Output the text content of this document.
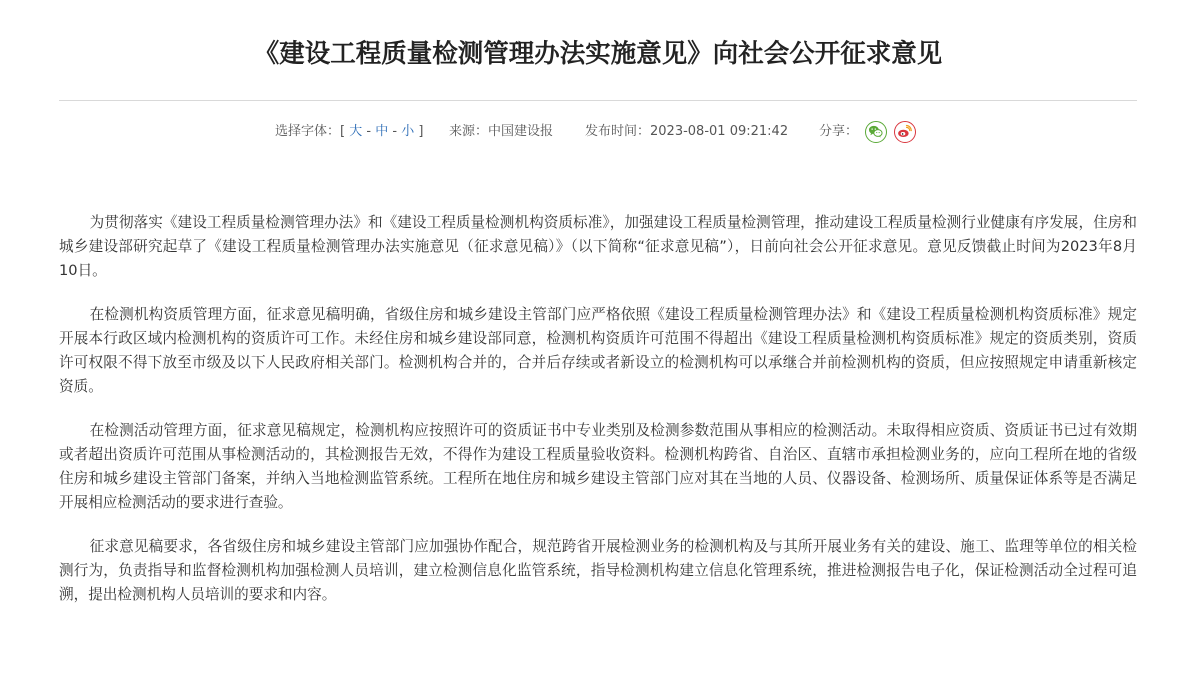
《建设工程质量检测管理办法实施意见》向社会公开征求意见
选择字体：[ 大 - 中 - 小 ] 来源：中国建设报 发布时间：2023-08-01 09:21:42 分享：

为贯彻落实《建设工程质量检测管理办法》和《建设工程质量检测机构资质标准》，加强建设工程质量检测管理，推动建设工程质量检测行业健康有序发展，住房和城乡建设部研究起草了《建设工程质量检测管理办法实施意见（征求意见稿）》（以下简称“征求意见稿”），日前向社会公开征求意见。意见反馈截止时间为2023年8月10日。

在检测机构资质管理方面，征求意见稿明确，省级住房和城乡建设主管部门应严格依照《建设工程质量检测管理办法》和《建设工程质量检测机构资质标准》规定开展本行政区域内检测机构的资质许可工作。未经住房和城乡建设部同意，检测机构资质许可范围不得超出《建设工程质量检测机构资质标准》规定的资质类别，资质许可权限不得下放至市级及以下人民政府相关部门。检测机构合并的，合并后存续或者新设立的检测机构可以承继合并前检测机构的资质，但应按照规定申请重新核定资质。

在检测活动管理方面，征求意见稿规定，检测机构应按照许可的资质证书中专业类别及检测参数范围从事相应的检测活动。未取得相应资质、资质证书已过有效期或者超出资质许可范围从事检测活动的，其检测报告无效，不得作为建设工程质量验收资料。检测机构跨省、自治区、直辖市承担检测业务的，应向工程所在地的省级住房和城乡建设主管部门备案，并纳入当地检测监管系统。工程所在地住房和城乡建设主管部门应对其在当地的人员、仪器设备、检测场所、质量保证体系等是否满足开展相应检测活动的要求进行查验。

征求意见稿要求，各省级住房和城乡建设主管部门应加强协作配合，规范跨省开展检测业务的检测机构及与其所开展业务有关的建设、施工、监理等单位的相关检测行为，负责指导和监督检测机构加强检测人员培训，建立检测信息化监管系统，指导检测机构建立信息化管理系统，推进检测报告电子化，保证检测活动全过程可追溯，提出检测机构人员培训的要求和内容。
